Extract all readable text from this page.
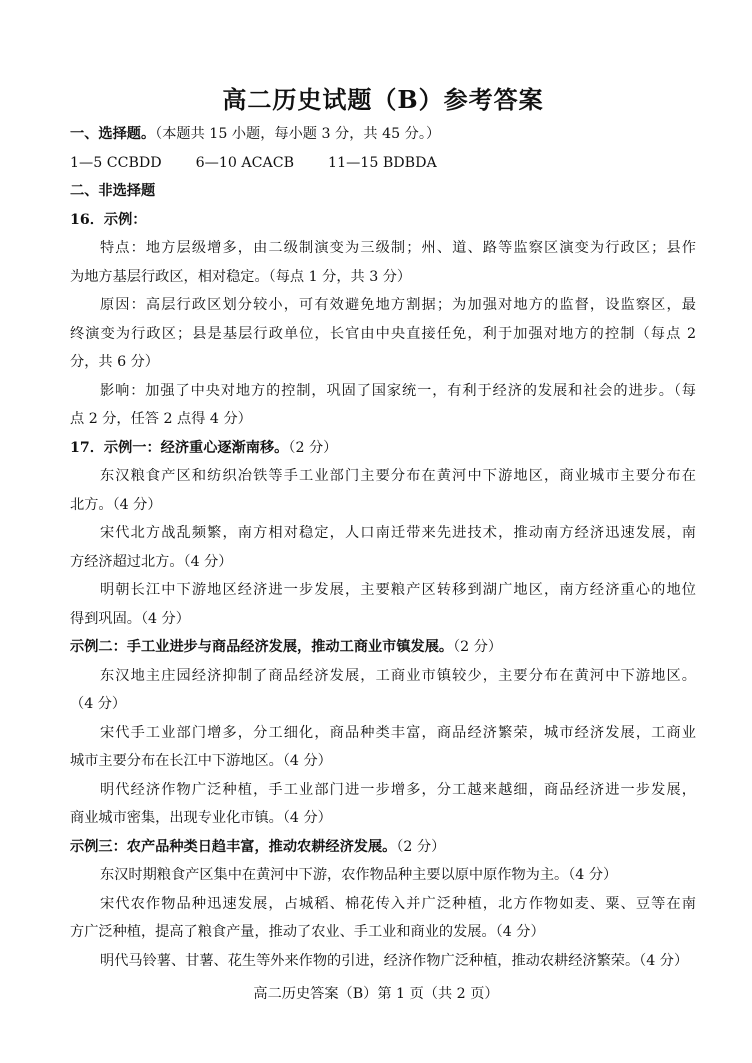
高二历史试题（B）参考答案
一、选择题。（本题共 15 小题，每小题 3 分，共 45 分。）
1—5 CCBDD 6—10 ACACB 11—15 BDBDA
二、非选择题
16．示例：
特点：地方层级增多，由二级制演变为三级制；州、道、路等监察区演变为行政区；县作
为地方基层行政区，相对稳定。（每点 1 分，共 3 分）
原因：高层行政区划分较小，可有效避免地方割据；为加强对地方的监督，设监察区，最
终演变为行政区；县是基层行政单位，长官由中央直接任免，利于加强对地方的控制（每点 2
分，共 6 分）
影响：加强了中央对地方的控制，巩固了国家统一，有利于经济的发展和社会的进步。（每
点 2 分，任答 2 点得 4 分）
17．示例一：经济重心逐渐南移。（2 分）
东汉粮食产区和纺织冶铁等手工业部门主要分布在黄河中下游地区，商业城市主要分布在
北方。（4 分）
宋代北方战乱频繁，南方相对稳定，人口南迁带来先进技术，推动南方经济迅速发展，南
方经济超过北方。（4 分）
明朝长江中下游地区经济进一步发展，主要粮产区转移到湖广地区，南方经济重心的地位
得到巩固。（4 分）
示例二：手工业进步与商品经济发展，推动工商业市镇发展。（2 分）
东汉地主庄园经济抑制了商品经济发展，工商业市镇较少，主要分布在黄河中下游地区。
（4 分）
宋代手工业部门增多，分工细化，商品种类丰富，商品经济繁荣，城市经济发展，工商业
城市主要分布在长江中下游地区。（4 分）
明代经济作物广泛种植，手工业部门进一步增多，分工越来越细，商品经济进一步发展，
商业城市密集，出现专业化市镇。（4 分）
示例三：农产品种类日趋丰富，推动农耕经济发展。（2 分）
东汉时期粮食产区集中在黄河中下游，农作物品种主要以原中原作物为主。（4 分）
宋代农作物品种迅速发展，占城稻、棉花传入并广泛种植，北方作物如麦、粟、豆等在南
方广泛种植，提高了粮食产量，推动了农业、手工业和商业的发展。（4 分）
明代马铃薯、甘薯、花生等外来作物的引进，经济作物广泛种植，推动农耕经济繁荣。（4 分）
高二历史答案（B）第 1 页（共 2 页）
